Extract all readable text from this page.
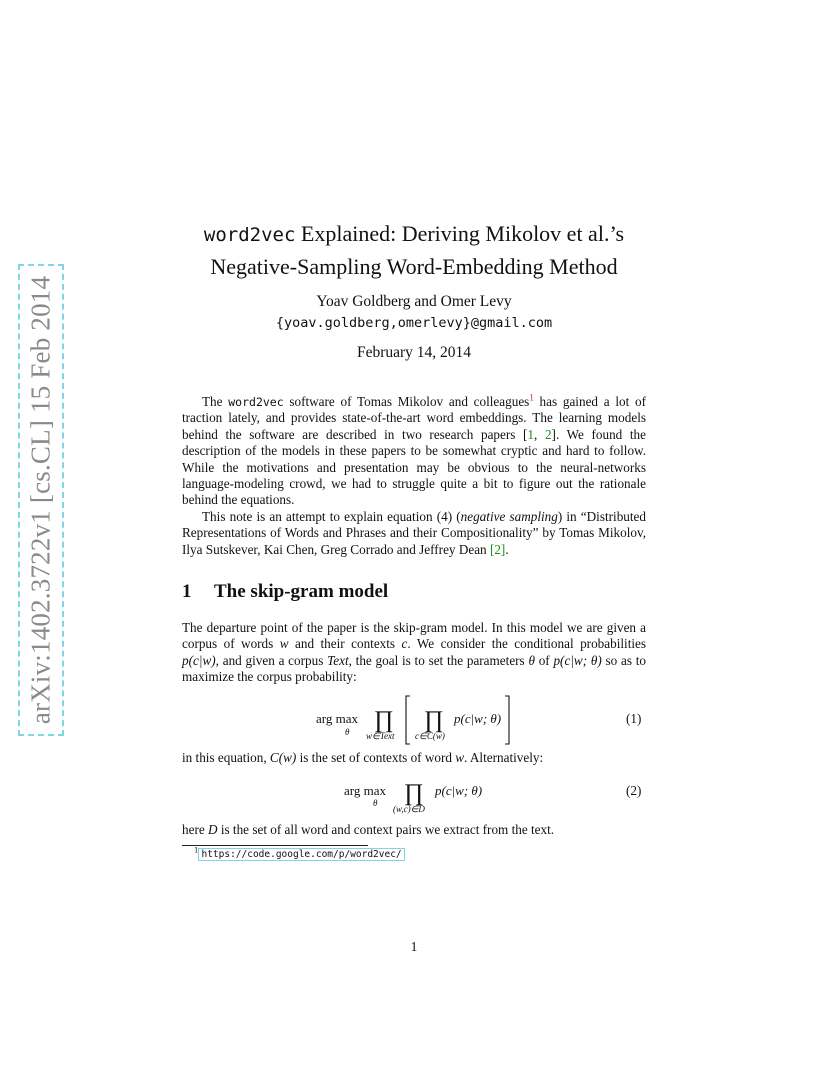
arXiv:1402.3722v1 [cs.CL] 15 Feb 2014
word2vec Explained: Deriving Mikolov et al.’s
Negative-Sampling Word-Embedding Method
Yoav Goldberg and Omer Levy
{yoav.goldberg,omerlevy}@gmail.com
February 14, 2014

The word2vec software of Tomas Mikolov and colleagues$^1$ has gained a lot of traction lately, and provides state-of-the-art word embeddings. The learning models behind the software are described in two research papers [1, 2]. We found the description of the models in these papers to be somewhat cryptic and hard to follow. While the motivations and presentation may be obvious to the neural-networks language-modeling crowd, we had to struggle quite a bit to figure out the rationale behind the equations.

This note is an attempt to explain equation (4) (negative sampling) in “Distributed Representations of Words and Phrases and their Compositionality” by Tomas Mikolov, Ilya Sutskever, Kai Chen, Greg Corrado and Jeffrey Dean [2].

1 The skip-gram model

The departure point of the paper is the skip-gram model. In this model we are given a corpus of words w and their contexts c. We consider the conditional probabilities p(c|w), and given a corpus Text, the goal is to set the parameters θ of p(c|w; θ) so as to maximize the corpus probability:

arg max
θ ∏
w∈Text
∏
c∈C(w)
p(c|w; θ)	(1)

in this equation, C(w) is the set of contexts of word w. Alternatively:

arg max
θ ∏
(w,c)∈D
p(c|w; θ)	(2)

here D is the set of all word and context pairs we extract from the text.

$^1$ https://code.google.com/p/word2vec/
1
